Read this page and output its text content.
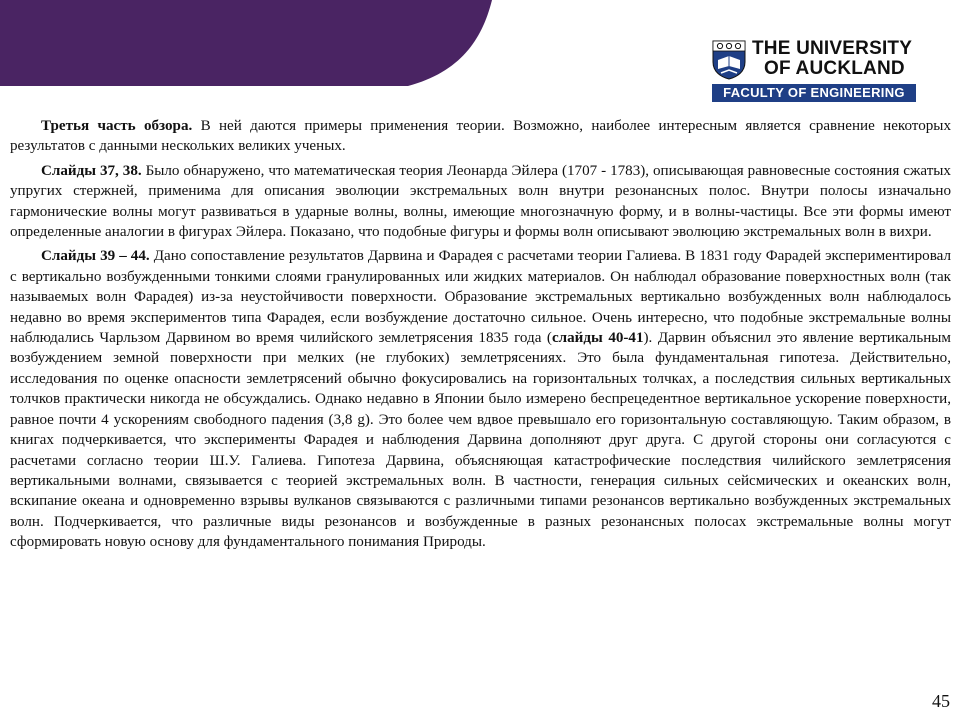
THE UNIVERSITY
OF AUCKLAND
FACULTY OF ENGINEERING

Третья часть обзора. В ней даются примеры применения теории. Возможно, наиболее интересным является сравнение некоторых результатов с данными нескольких великих ученых.

Слайды 37, 38. Было обнаружено, что математическая теория Леонарда Эйлера (1707 - 1783), описывающая равновесные состояния сжатых упругих стержней, применима для описания эволюции экстремальных волн внутри резонансных полос. Внутри полосы изначально гармонические волны могут развиваться в ударные волны, волны, имеющие многозначную форму, и в волны-частицы. Все эти формы имеют определенные аналогии в фигурах Эйлера. Показано, что подобные фигуры и формы волн описывают эволюцию экстремальных волн в вихри.

Слайды 39 – 44. Дано сопоставление результатов Дарвина и Фарадея с расчетами теории Галиева. В 1831 году Фарадей экспериментировал с вертикально возбужденными тонкими слоями гранулированных или жидких материалов. Он наблюдал образование поверхностных волн (так называемых волн Фарадея) из-за неустойчивости поверхности. Образование экстремальных вертикально возбужденных волн наблюдалось недавно во время экспериментов типа Фарадея, если возбуждение достаточно сильное. Очень интересно, что подобные экстремальные волны наблюдались Чарльзом Дарвином во время чилийского землетрясения 1835 года (слайды 40-41). Дарвин объяснил это явление вертикальным возбуждением земной поверхности при мелких (не глубоких) землетрясениях. Это была фундаментальная гипотеза. Действительно, исследования по оценке опасности землетрясений обычно фокусировались на горизонтальных толчках, а последствия сильных вертикальных толчков практически никогда не обсуждались. Однако недавно в Японии было измерено беспрецедентное вертикальное ускорение поверхности, равное почти 4 ускорениям свободного падения (3,8 g). Это более чем вдвое превышало его горизонтальную составляющую. Таким образом, в книгах подчеркивается, что эксперименты Фарадея и наблюдения Дарвина дополняют друг друга. С другой стороны они согласуются с расчетами согласно теории Ш.У. Галиева. Гипотеза Дарвина, объясняющая катастрофические последствия чилийского землетрясения вертикальными волнами, связывается с теорией экстремальных волн. В частности, генерация сильных сейсмических и океанских волн, вскипание океана и одновременно взрывы вулканов связываются с различными типами резонансов вертикально возбужденных экстремальных волн. Подчеркивается, что различные виды резонансов и возбужденные в разных резонансных полосах экстремальные волны могут сформировать новую основу для фундаментального понимания Природы.

45
